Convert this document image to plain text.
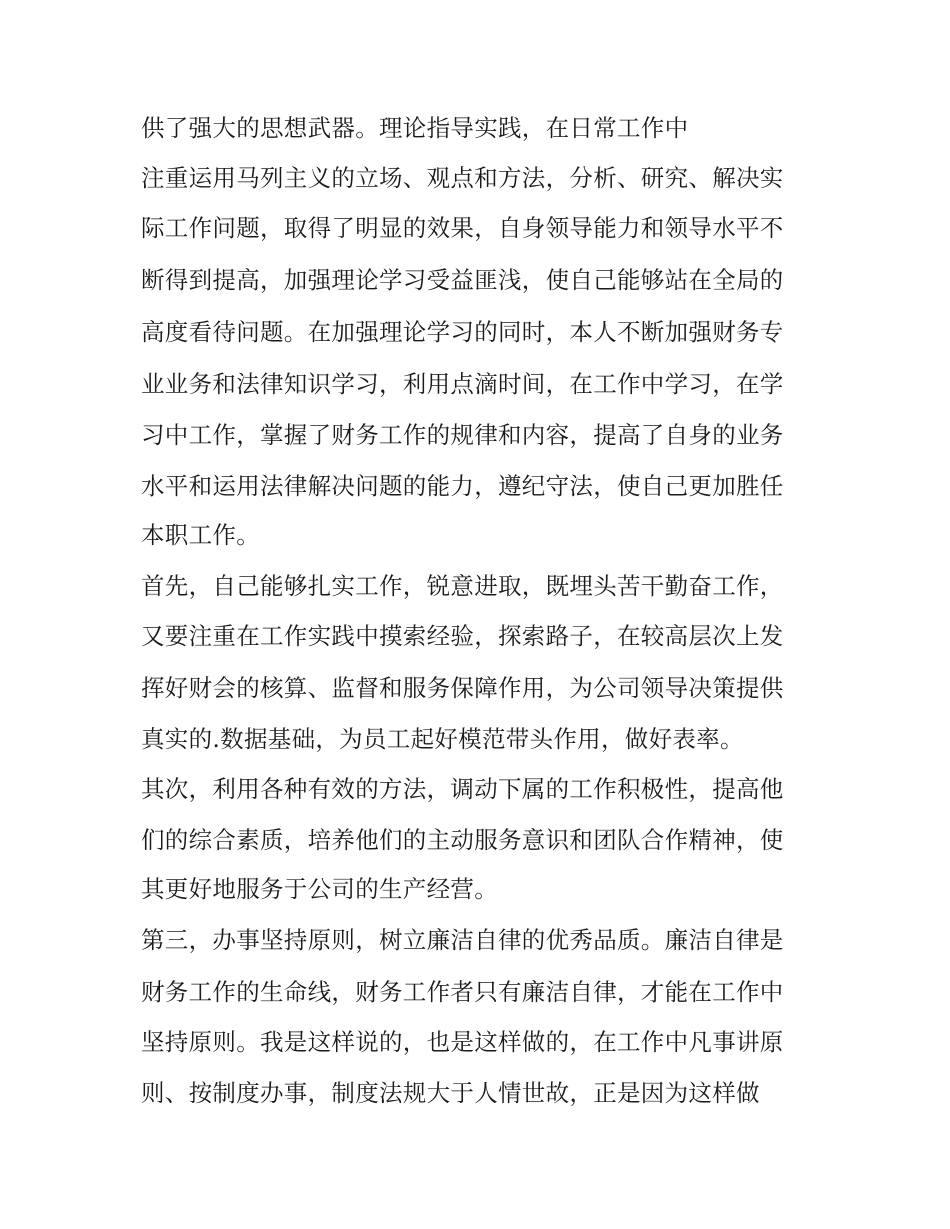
供了强大的思想武器。理论指导实践，在日常工作中
注重运用马列主义的立场、观点和方法，分析、研究、解决实
际工作问题，取得了明显的效果，自身领导能力和领导水平不
断得到提高，加强理论学习受益匪浅，使自己能够站在全局的
高度看待问题。在加强理论学习的同时，本人不断加强财务专
业业务和法律知识学习，利用点滴时间，在工作中学习，在学
习中工作，掌握了财务工作的规律和内容，提高了自身的业务
水平和运用法律解决问题的能力，遵纪守法，使自己更加胜任
本职工作。
首先，自己能够扎实工作，锐意进取，既埋头苦干勤奋工作，
又要注重在工作实践中摸索经验，探索路子，在较高层次上发
挥好财会的核算、监督和服务保障作用，为公司领导决策提供
真实的.数据基础，为员工起好模范带头作用，做好表率。
其次，利用各种有效的方法，调动下属的工作积极性，提高他
们的综合素质，培养他们的主动服务意识和团队合作精神，使
其更好地服务于公司的生产经营。
第三，办事坚持原则，树立廉洁自律的优秀品质。廉洁自律是
财务工作的生命线，财务工作者只有廉洁自律，才能在工作中
坚持原则。我是这样说的，也是这样做的，在工作中凡事讲原
则、按制度办事，制度法规大于人情世故，正是因为这样做
